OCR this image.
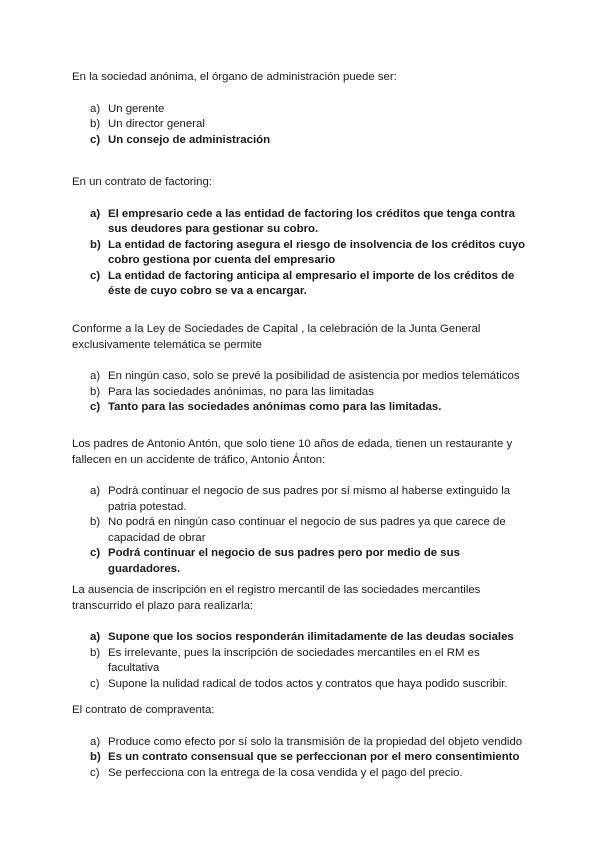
En la sociedad anónima, el órgano de administración puede ser:

a) Un gerente
b) Un director general
c) Un consejo de administración

En un contrato de factoring:

a) El empresario cede a las entidad de factoring los créditos que tenga contra sus deudores para gestionar su cobro.
b) La entidad de factoring asegura el riesgo de insolvencia de los créditos cuyo cobro gestiona por cuenta del empresario
c) La entidad de factoring anticipa al empresario el importe de los créditos de éste de cuyo cobro se va a encargar.

Conforme a la Ley de Sociedades de Capital , la celebración de la Junta General exclusivamente telemática se permite

a) En ningún caso, solo se prevé la posibilidad de asistencia por medios telemáticos
b) Para las sociedades anónimas, no para las limitadas
c) Tanto para las sociedades anónimas como para las limitadas.

Los padres de Antonio Antón, que solo tiene 10 años de edada, tienen un restaurante y fallecen en un accidente de tráfico, Antonio Ánton:

a) Podrá continuar el negocio de sus padres por sí mismo al haberse extinguido la patria potestad.
b) No podrá en ningún caso continuar el negocio de sus padres ya que carece de capacidad de obrar
c) Podrá continuar el negocio de sus padres pero por medio de sus guardadores.

La ausencia de inscripción en el registro mercantil de las sociedades mercantiles transcurrido el plazo para realizarla:

a) Supone que los socios responderán ilimitadamente de las deudas sociales
b) Es irrelevante, pues la inscripción de sociedades mercantiles en el RM es facultativa
c) Supone la nulidad radical de todos actos y contratos que haya podido suscribir.

El contrato de compraventa:

a) Produce como efecto por sí solo la transmisión de la propiedad del objeto vendido
b) Es un contrato consensual que se perfeccionan por el mero consentimiento
c) Se perfecciona con la entrega de la cosa vendida y el pago del precio.
